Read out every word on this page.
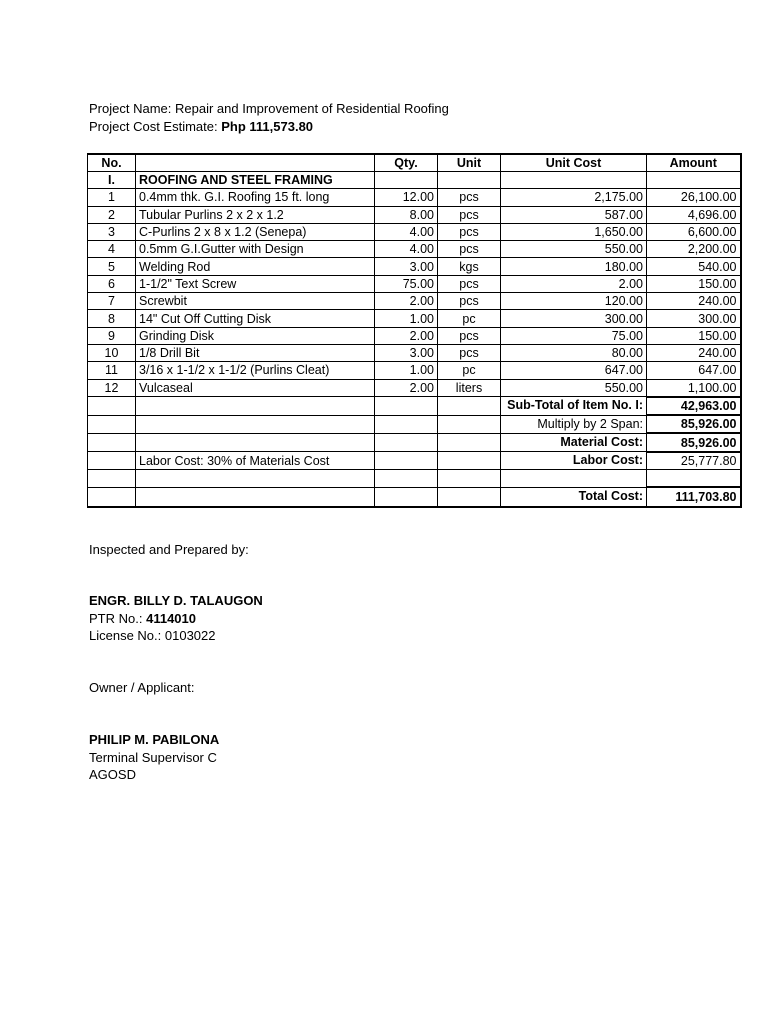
Project Name: Repair and Improvement of Residential Roofing
Project Cost Estimate: Php 111,573.80
No.		Qty.	Unit	Unit Cost	Amount
I.	ROOFING AND STEEL FRAMING				
1	0.4mm thk. G.I. Roofing 15 ft. long	12.00	pcs	2,175.00	26,100.00
2	Tubular Purlins 2 x 2 x 1.2	8.00	pcs	587.00	4,696.00
3	C-Purlins 2 x 8 x 1.2 (Senepa)	4.00	pcs	1,650.00	6,600.00
4	0.5mm G.I.Gutter with Design	4.00	pcs	550.00	2,200.00
5	Welding Rod	3.00	kgs	180.00	540.00
6	1-1/2" Text Screw	75.00	pcs	2.00	150.00
7	Screwbit	2.00	pcs	120.00	240.00
8	14" Cut Off Cutting Disk	1.00	pc	300.00	300.00
9	Grinding Disk	2.00	pcs	75.00	150.00
10	1/8 Drill Bit	3.00	pcs	80.00	240.00
11	3/16 x 1-1/2 x 1-1/2 (Purlins Cleat)	1.00	pc	647.00	647.00
12	Vulcaseal	2.00	liters	550.00	1,100.00

				Sub-Total of Item No. I:	42,963.00

				Multiply by 2 Span:	85,926.00

				Material Cost:	85,926.00
	Labor Cost: 30% of Materials Cost			Labor Cost:	25,777.80

				Total Cost:	111,703.80
Inspected and Prepared by:
ENGR. BILLY D. TALAUGON
PTR No.: 4114010
License No.: 0103022
Owner / Applicant:
PHILIP M. PABILONA
Terminal Supervisor C
AGOSD
